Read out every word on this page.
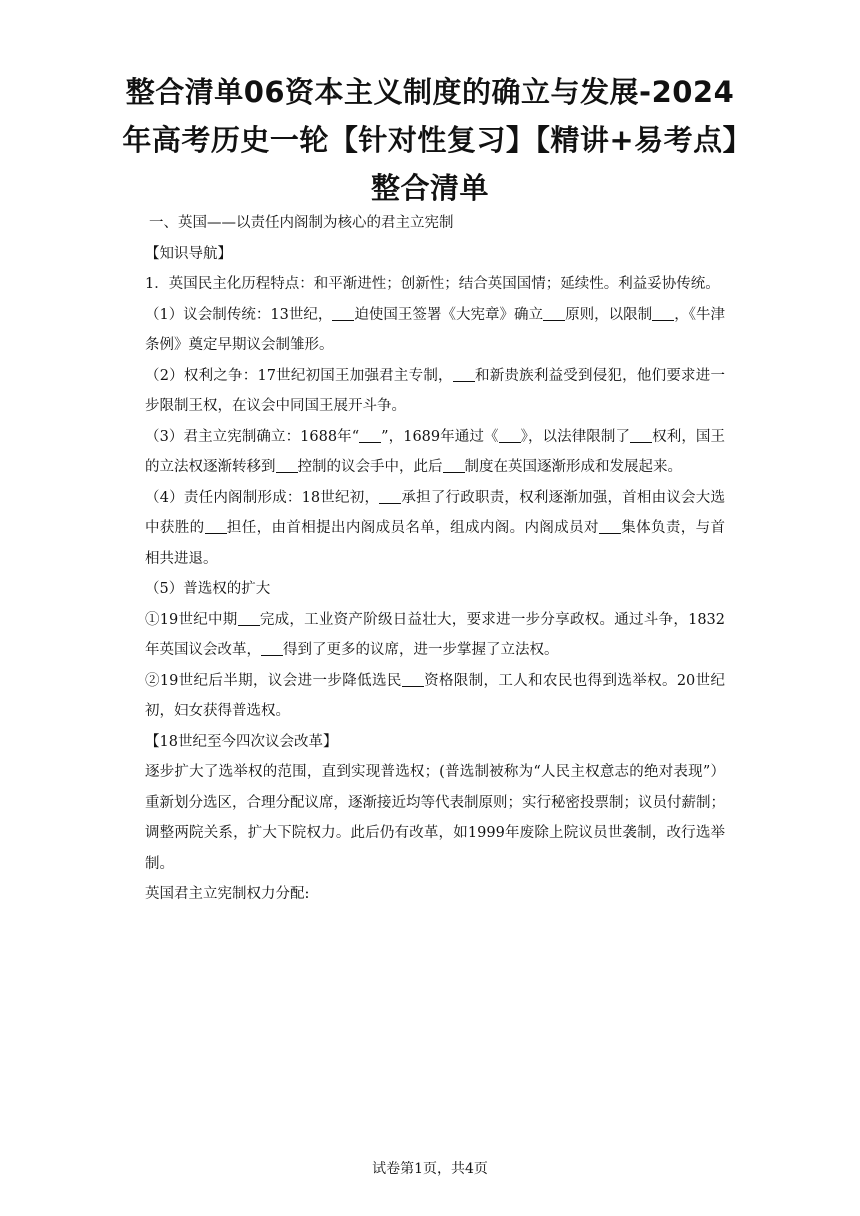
整合清单06资本主义制度的确立与发展-2024年高考历史一轮【针对性复习】【精讲+易考点】整合清单

一、英国——以责任内阁制为核心的君主立宪制

【知识导航】

1．英国民主化历程特点：和平渐进性；创新性；结合英国国情；延续性。利益妥协传统。

（1）议会制传统：13世纪， 迫使国王签署《大宪章》确立 原则，以限制 ，《牛津条例》奠定早期议会制雏形。

（2）权利之争：17世纪初国王加强君主专制， 和新贵族利益受到侵犯，他们要求进一步限制王权，在议会中同国王展开斗争。

（3）君主立宪制确立：1688年“ ”，1689年通过《 》，以法律限制了 权利，国王的立法权逐渐转移到 控制的议会手中，此后 制度在英国逐渐形成和发展起来。

（4）责任内阁制形成：18世纪初， 承担了行政职责，权利逐渐加强，首相由议会大选中获胜的 担任，由首相提出内阁成员名单，组成内阁。内阁成员对 集体负责，与首相共进退。

（5）普选权的扩大

①19世纪中期 完成，工业资产阶级日益壮大，要求进一步分享政权。通过斗争，1832年英国议会改革， 得到了更多的议席，进一步掌握了立法权。

②19世纪后半期，议会进一步降低选民 资格限制，工人和农民也得到选举权。20世纪初，妇女获得普选权。

【18世纪至今四次议会改革】

逐步扩大了选举权的范围，直到实现普选权；(普选制被称为“人民主权意志的绝对表现”）重新划分选区，合理分配议席，逐渐接近均等代表制原则；实行秘密投票制；议员付薪制；调整两院关系，扩大下院权力。此后仍有改革，如1999年废除上院议员世袭制，改行选举制。

英国君主立宪制权力分配:

试卷第1页，共4页
